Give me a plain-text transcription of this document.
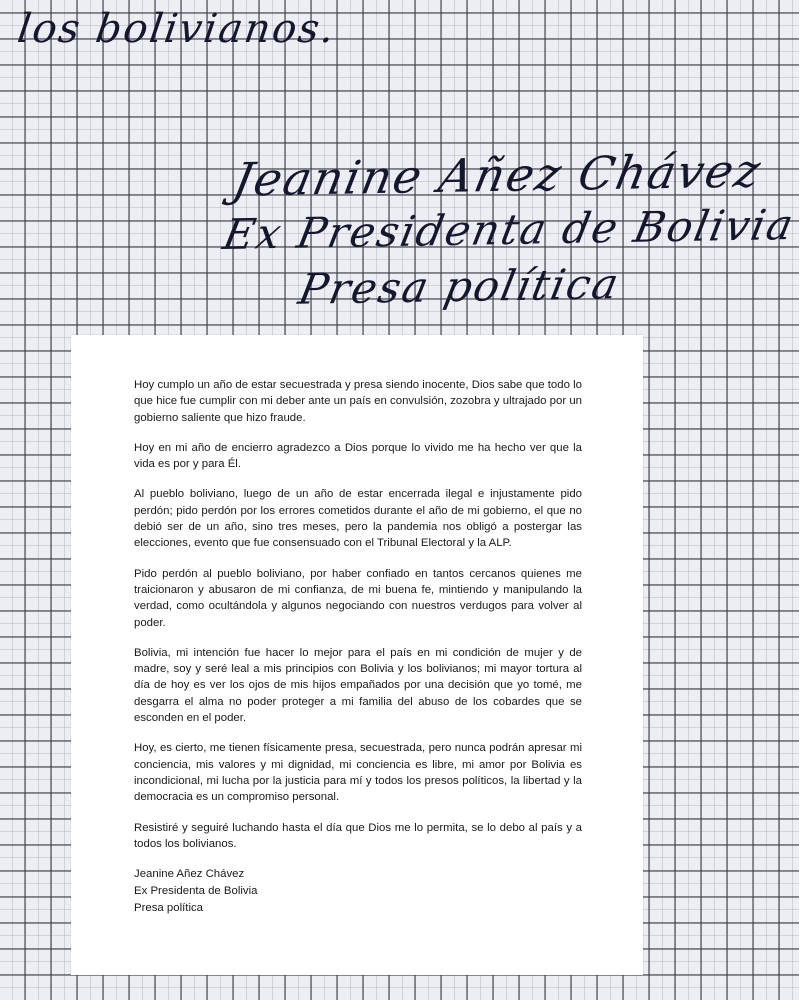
los bolivianos.
Jeanine Añez Chávez
Ex Presidenta de Bolivia
Presa política

Hoy cumplo un año de estar secuestrada y presa siendo inocente, Dios sabe que todo lo que hice fue cumplir con mi deber ante un país en convulsión, zozobra y ultrajado por un gobierno saliente que hizo fraude.

Hoy en mi año de encierro agradezco a Dios porque lo vivido me ha hecho ver que la vida es por y para Él.

Al pueblo boliviano, luego de un año de estar encerrada ilegal e injustamente pido perdón; pido perdón por los errores cometidos durante el año de mi gobierno, el que no debió ser de un año, sino tres meses, pero la pandemia nos obligó a postergar las elecciones, evento que fue consensuado con el Tribunal Electoral y la ALP.

Pido perdón al pueblo boliviano, por haber confiado en tantos cercanos quienes me traicionaron y abusaron de mi confianza, de mi buena fe, mintiendo y manipulando la verdad, como ocultándola y algunos negociando con nuestros verdugos para volver al poder.

Bolivia, mi intención fue hacer lo mejor para el país en mi condición de mujer y de madre, soy y seré leal a mis principios con Bolivia y los bolivianos; mi mayor tortura al día de hoy es ver los ojos de mis hijos empañados por una decisión que yo tomé, me desgarra el alma no poder proteger a mi familia del abuso de los cobardes que se esconden en el poder.

Hoy, es cierto, me tienen físicamente presa, secuestrada, pero nunca podrán apresar mi conciencia, mis valores y mi dignidad, mi conciencia es libre, mi amor por Bolivia es incondicional, mi lucha por la justicia para mí y todos los presos políticos, la libertad y la democracia es un compromiso personal.

Resistiré y seguiré luchando hasta el día que Dios me lo permita, se lo debo al país y a todos los bolivianos.

Jeanine Añez Chávez
Ex Presidenta de Bolivia
Presa política
